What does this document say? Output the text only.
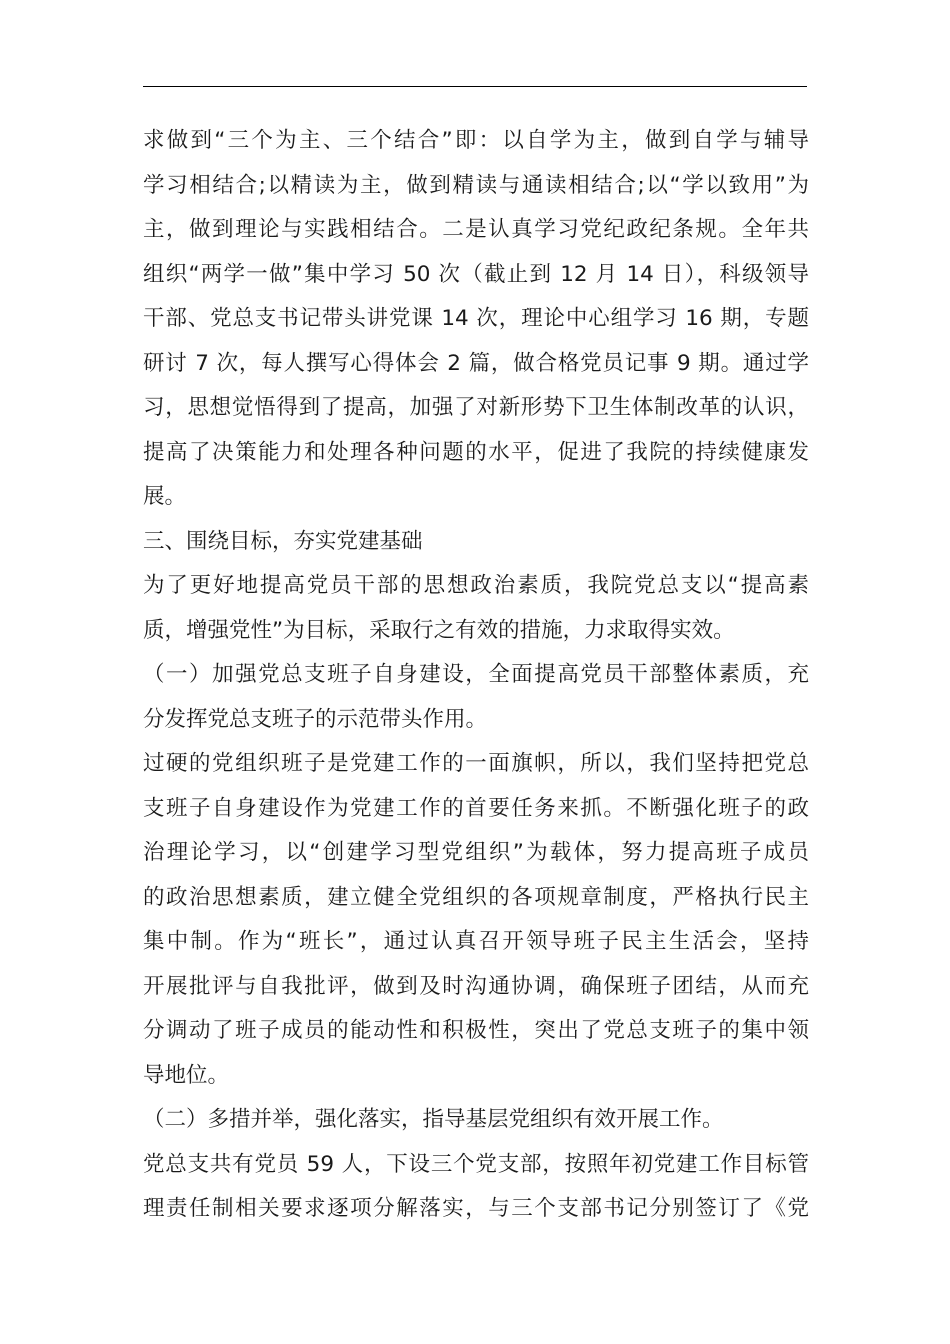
求做到“三个为主、三个结合”即：以自学为主，做到自学与辅导
学习相结合;以精读为主，做到精读与通读相结合;以“学以致用”为
主，做到理论与实践相结合。二是认真学习党纪政纪条规。全年共
组织“两学一做”集中学习 50 次（截止到 12 月 14 日），科级领导
干部、党总支书记带头讲党课 14 次，理论中心组学习 16 期，专题
研讨 7 次，每人撰写心得体会 2 篇，做合格党员记事 9 期。通过学
习，思想觉悟得到了提高，加强了对新形势下卫生体制改革的认识，
提高了决策能力和处理各种问题的水平，促进了我院的持续健康发
展。
三、围绕目标，夯实党建基础
为了更好地提高党员干部的思想政治素质，我院党总支以“提高素
质，增强党性”为目标，采取行之有效的措施，力求取得实效。
（一）加强党总支班子自身建设，全面提高党员干部整体素质，充
分发挥党总支班子的示范带头作用。
过硬的党组织班子是党建工作的一面旗帜，所以，我们坚持把党总
支班子自身建设作为党建工作的首要任务来抓。不断强化班子的政
治理论学习，以“创建学习型党组织”为载体，努力提高班子成员
的政治思想素质，建立健全党组织的各项规章制度，严格执行民主
集中制。作为“班长”，通过认真召开领导班子民主生活会，坚持
开展批评与自我批评，做到及时沟通协调，确保班子团结，从而充
分调动了班子成员的能动性和积极性，突出了党总支班子的集中领
导地位。
（二）多措并举，强化落实，指导基层党组织有效开展工作。
党总支共有党员 59 人，下设三个党支部，按照年初党建工作目标管
理责任制相关要求逐项分解落实，与三个支部书记分别签订了《党
